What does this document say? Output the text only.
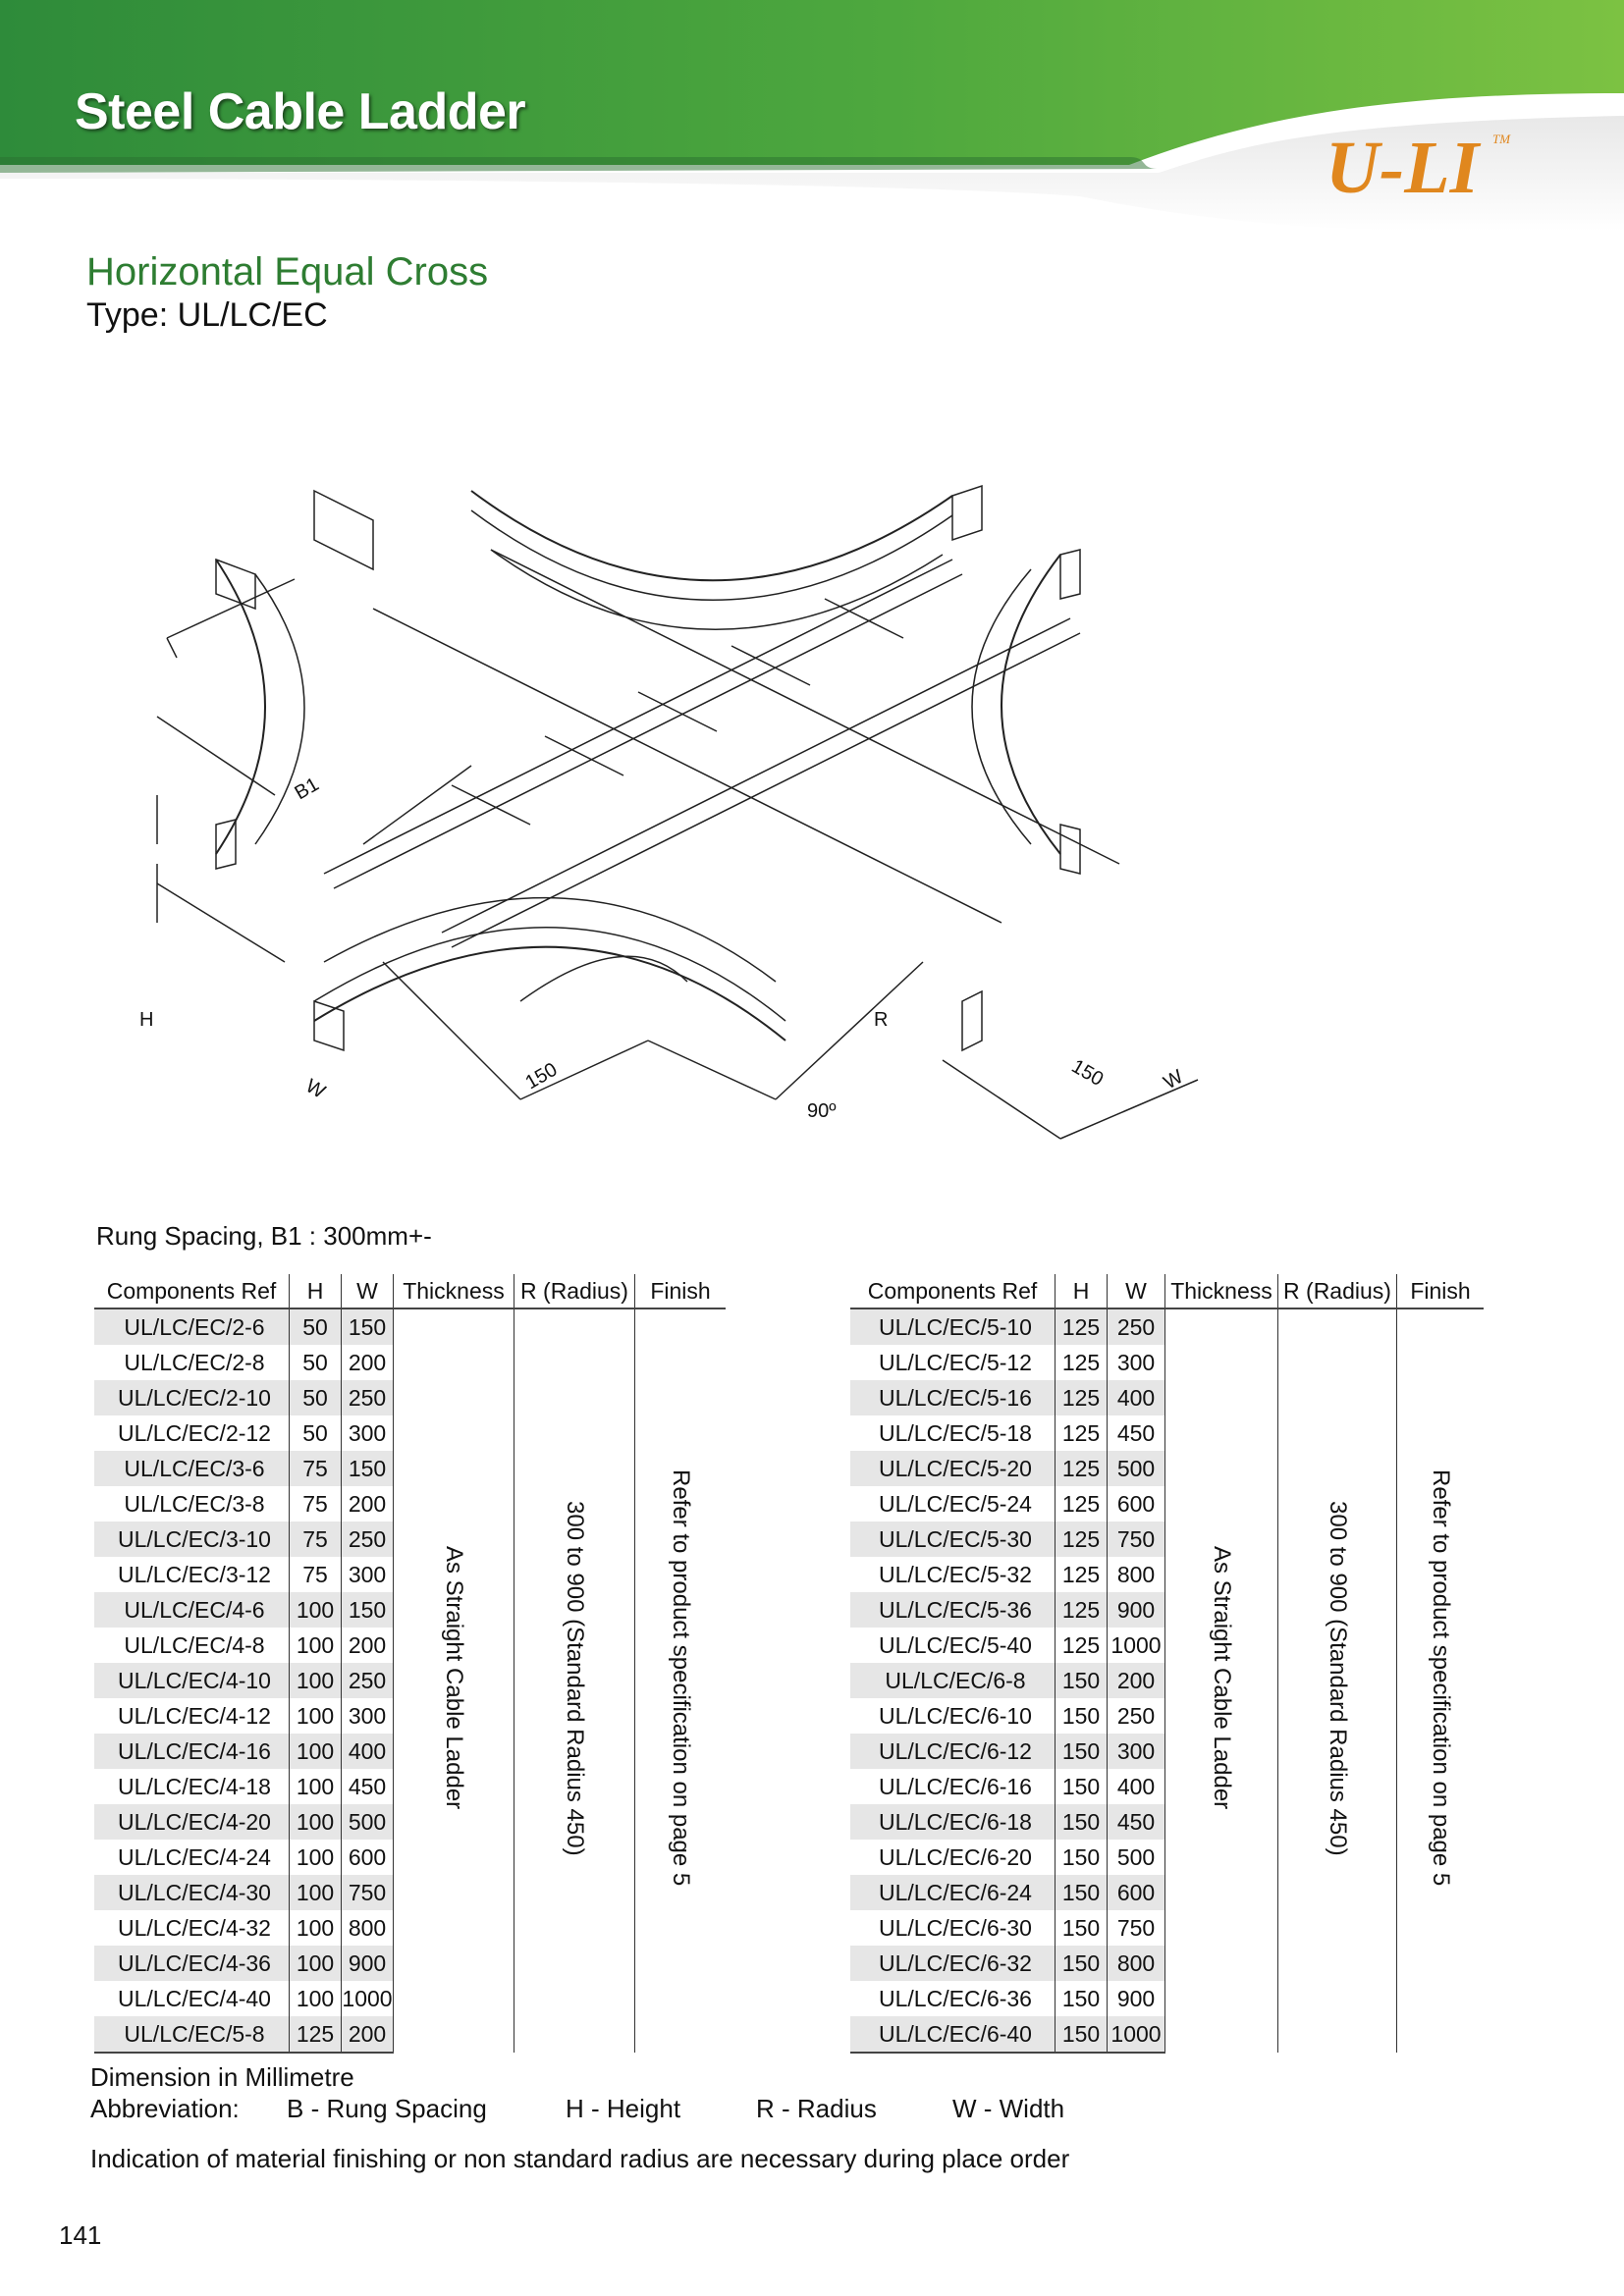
Steel Cable Ladder
U-LI TM
Horizontal Equal Cross
Type: UL/LC/EC
B1
H
W	W
R
150	150
90º
Rung Spacing, B1 : 300mm+-
Components Ref	H	W	Thickness	R (Radius)	Finish
UL/LC/EC/2-6	50	150	As Straight Cable Ladder	300 to 900 (Standard Radius 450)	Refer to product specification on page 5
UL/LC/EC/2-8	50	200			
UL/LC/EC/2-10	50	250			
UL/LC/EC/2-12	50	300			
UL/LC/EC/3-6	75	150			
UL/LC/EC/3-8	75	200			
UL/LC/EC/3-10	75	250			
UL/LC/EC/3-12	75	300			
UL/LC/EC/4-6	100	150			
UL/LC/EC/4-8	100	200			
UL/LC/EC/4-10	100	250			
UL/LC/EC/4-12	100	300			
UL/LC/EC/4-16	100	400			
UL/LC/EC/4-18	100	450			
UL/LC/EC/4-20	100	500			
UL/LC/EC/4-24	100	600			
UL/LC/EC/4-30	100	750			
UL/LC/EC/4-32	100	800			
UL/LC/EC/4-36	100	900			
UL/LC/EC/4-40	100	1000			
UL/LC/EC/5-8	125	200			
Components Ref	H	W	Thickness	R (Radius)	Finish
UL/LC/EC/5-10	125	250	As Straight Cable Ladder	300 to 900 (Standard Radius 450)	Refer to product specification on page 5
UL/LC/EC/5-12	125	300			
UL/LC/EC/5-16	125	400			
UL/LC/EC/5-18	125	450			
UL/LC/EC/5-20	125	500			
UL/LC/EC/5-24	125	600			
UL/LC/EC/5-30	125	750			
UL/LC/EC/5-32	125	800			
UL/LC/EC/5-36	125	900			
UL/LC/EC/5-40	125	1000			
UL/LC/EC/6-8	150	200			
UL/LC/EC/6-10	150	250			
UL/LC/EC/6-12	150	300			
UL/LC/EC/6-16	150	400			
UL/LC/EC/6-18	150	450			
UL/LC/EC/6-20	150	500			
UL/LC/EC/6-24	150	600			
UL/LC/EC/6-30	150	750			
UL/LC/EC/6-32	150	800			
UL/LC/EC/6-36	150	900			
UL/LC/EC/6-40	150	1000			
Dimension in Millimetre
Abbreviation: B - Rung Spacing	H - Height	R - Radius	W - Width
Indication of material finishing or non standard radius are necessary during place order
141
